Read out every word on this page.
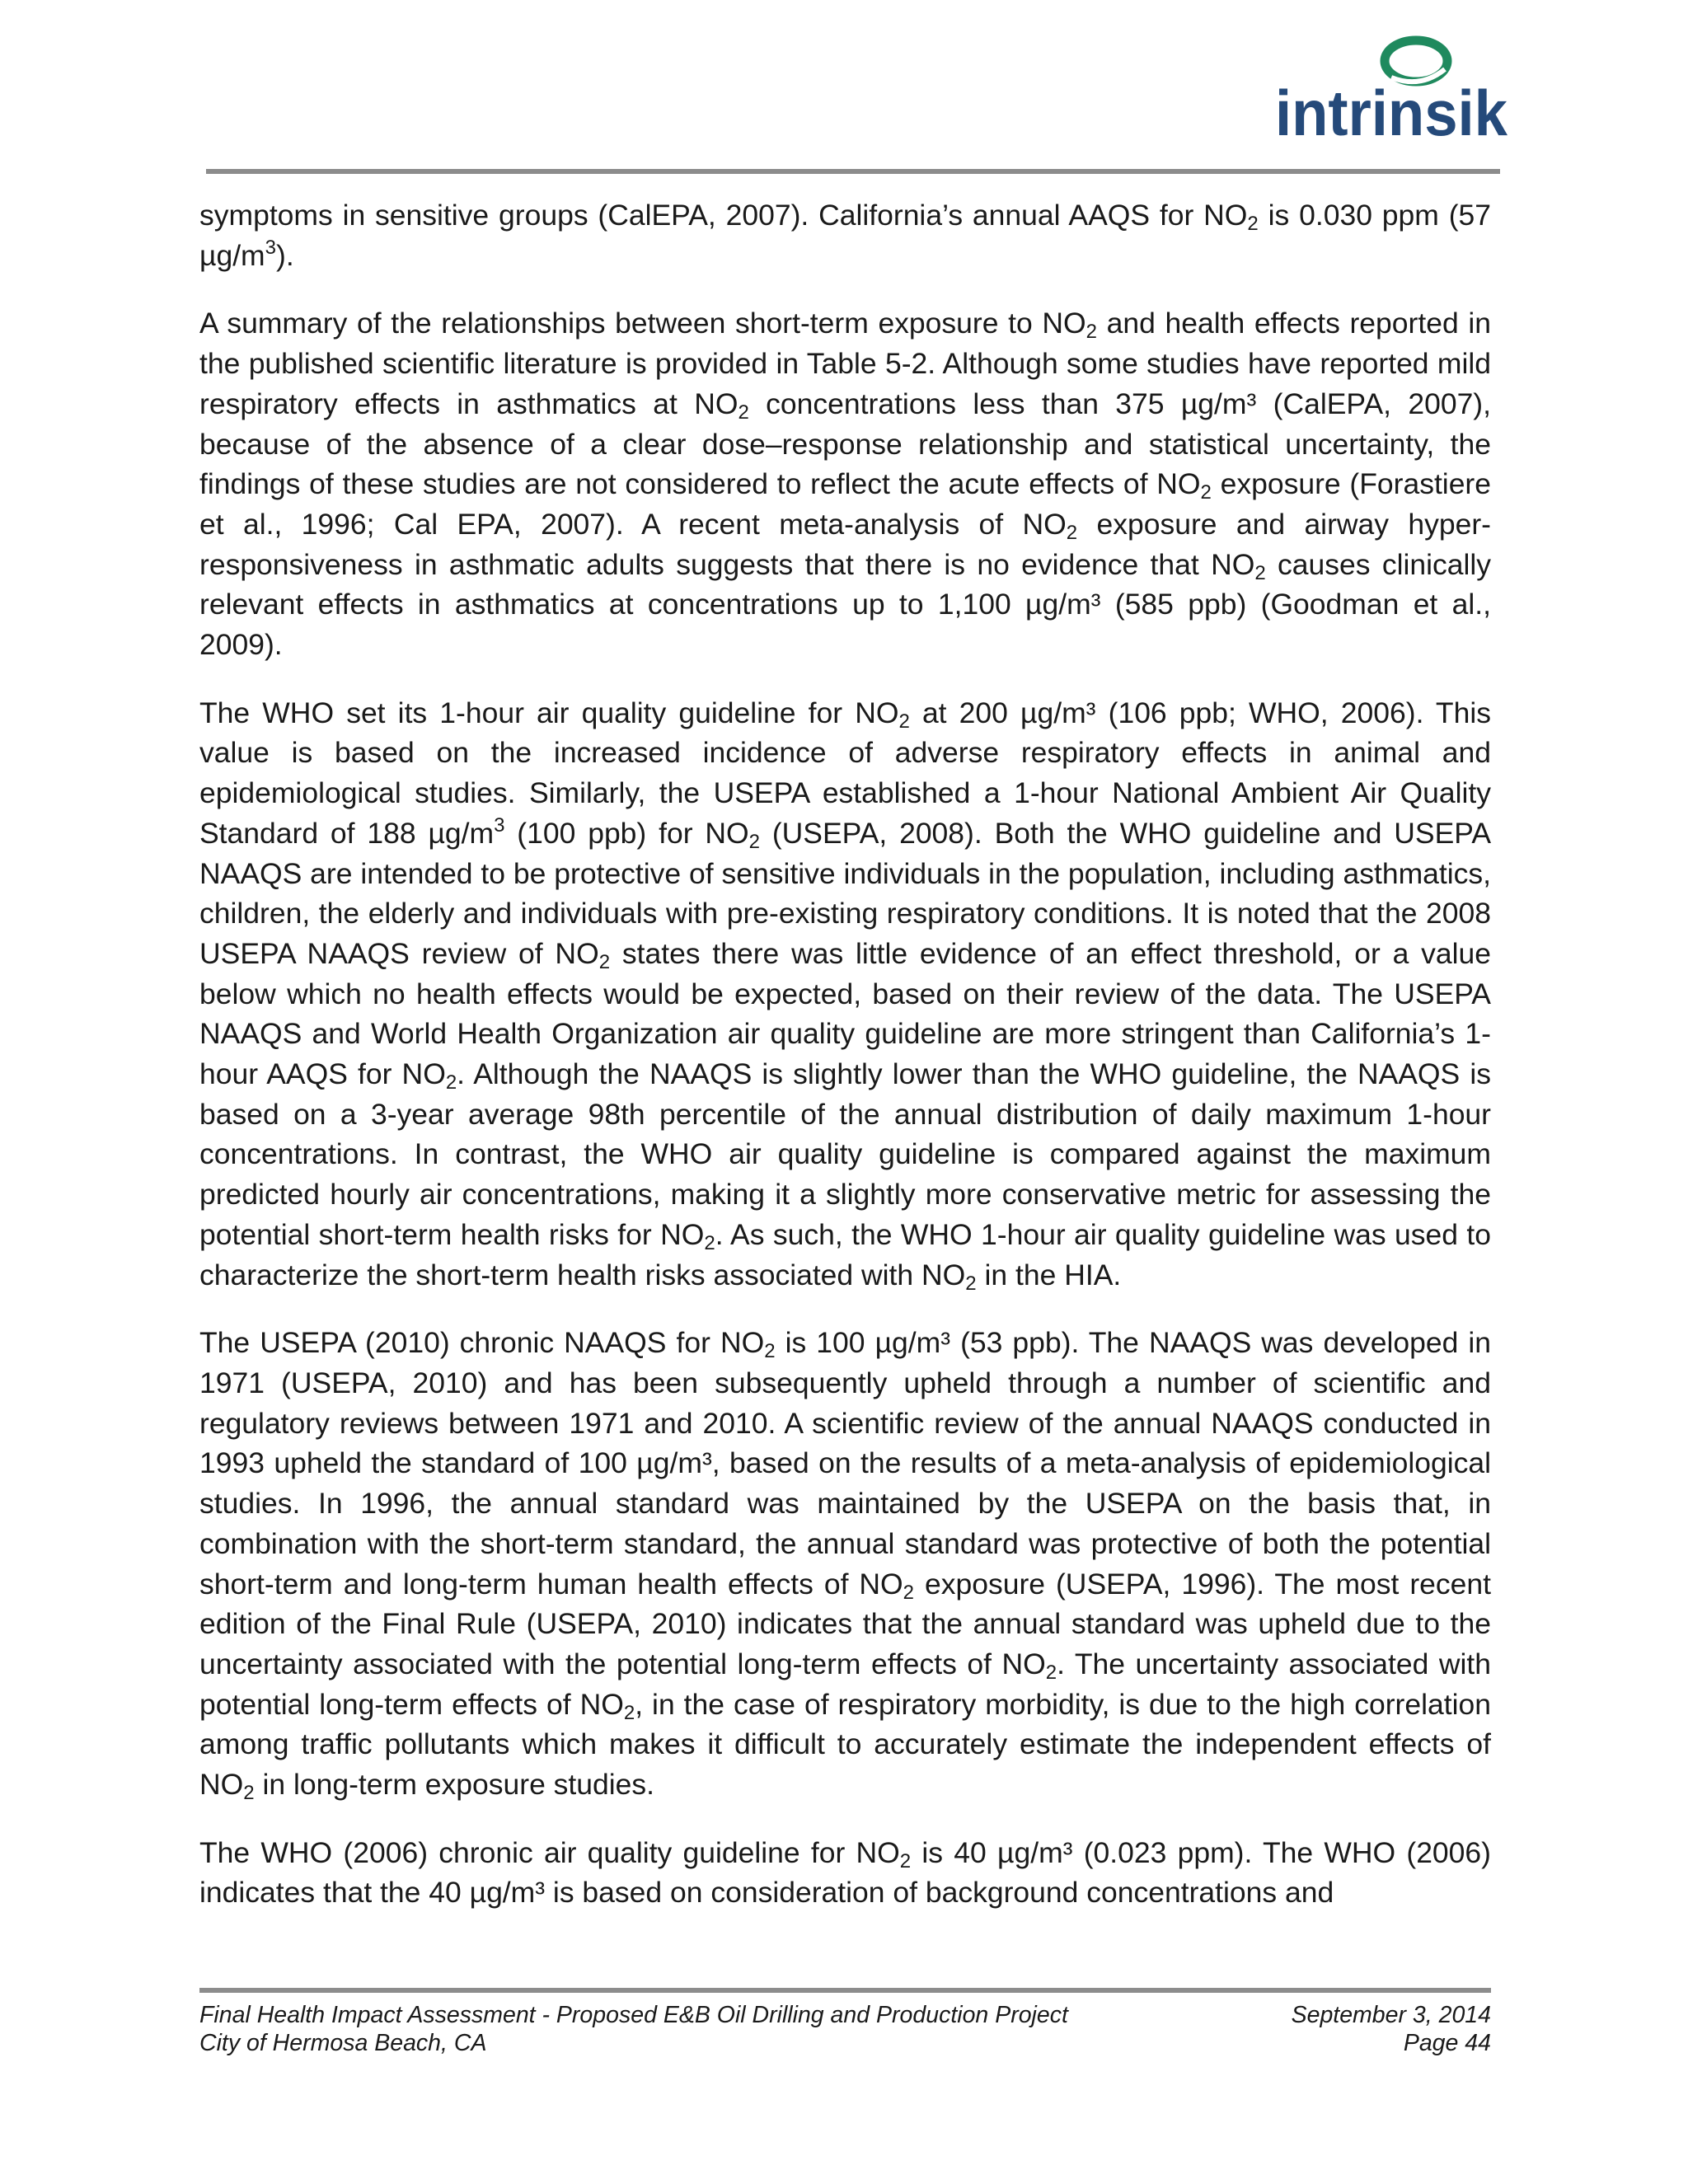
intrinsik

symptoms in sensitive groups (CalEPA, 2007). California’s annual AAQS for $NO_2$ is 0.030 ppm (57 $\mu g/m^3$).

A summary of the relationships between short-term exposure to $NO_2$ and health effects reported in the published scientific literature is provided in Table 5-2. Although some studies have reported mild respiratory effects in asthmatics at $NO_2$ concentrations less than 375 µg/m³ (CalEPA, 2007), because of the absence of a clear dose–response relationship and statistical uncertainty, the findings of these studies are not considered to reflect the acute effects of $NO_2$ exposure (Forastiere et al., 1996; Cal EPA, 2007). A recent meta-analysis of $NO_2$ exposure and airway hyper-responsiveness in asthmatic adults suggests that there is no evidence that $NO_2$ causes clinically relevant effects in asthmatics at concentrations up to 1,100 µg/m³ (585 ppb) (Goodman et al., 2009).

The WHO set its 1-hour air quality guideline for $NO_2$ at 200 µg/m³ (106 ppb; WHO, 2006). This value is based on the increased incidence of adverse respiratory effects in animal and epidemiological studies. Similarly, the USEPA established a 1-hour National Ambient Air Quality Standard of 188 $\mu g/m^3$ (100 ppb) for $NO_2$ (USEPA, 2008). Both the WHO guideline and USEPA NAAQS are intended to be protective of sensitive individuals in the population, including asthmatics, children, the elderly and individuals with pre-existing respiratory conditions. It is noted that the 2008 USEPA NAAQS review of $NO_2$ states there was little evidence of an effect threshold, or a value below which no health effects would be expected, based on their review of the data. The USEPA NAAQS and World Health Organization air quality guideline are more stringent than California’s 1-hour AAQS for $NO_2$. Although the NAAQS is slightly lower than the WHO guideline, the NAAQS is based on a 3-year average 98th percentile of the annual distribution of daily maximum 1-hour concentrations. In contrast, the WHO air quality guideline is compared against the maximum predicted hourly air concentrations, making it a slightly more conservative metric for assessing the potential short-term health risks for $NO_2$. As such, the WHO 1-hour air quality guideline was used to characterize the short-term health risks associated with $NO_2$ in the HIA.

The USEPA (2010) chronic NAAQS for $NO_2$ is 100 µg/m³ (53 ppb). The NAAQS was developed in 1971 (USEPA, 2010) and has been subsequently upheld through a number of scientific and regulatory reviews between 1971 and 2010. A scientific review of the annual NAAQS conducted in 1993 upheld the standard of 100 µg/m³, based on the results of a meta-analysis of epidemiological studies. In 1996, the annual standard was maintained by the USEPA on the basis that, in combination with the short-term standard, the annual standard was protective of both the potential short-term and long-term human health effects of $NO_2$ exposure (USEPA, 1996). The most recent edition of the Final Rule (USEPA, 2010) indicates that the annual standard was upheld due to the uncertainty associated with the potential long-term effects of $NO_2$. The uncertainty associated with potential long-term effects of $NO_2$, in the case of respiratory morbidity, is due to the high correlation among traffic pollutants which makes it difficult to accurately estimate the independent effects of $NO_2$ in long-term exposure studies.

The WHO (2006) chronic air quality guideline for $NO_2$ is 40 µg/m³ (0.023 ppm). The WHO (2006) indicates that the 40 µg/m³ is based on consideration of background concentrations and

Final Health Impact Assessment - Proposed E&B Oil Drilling and Production Project	September 3, 2014
City of Hermosa Beach, CA	Page 44
